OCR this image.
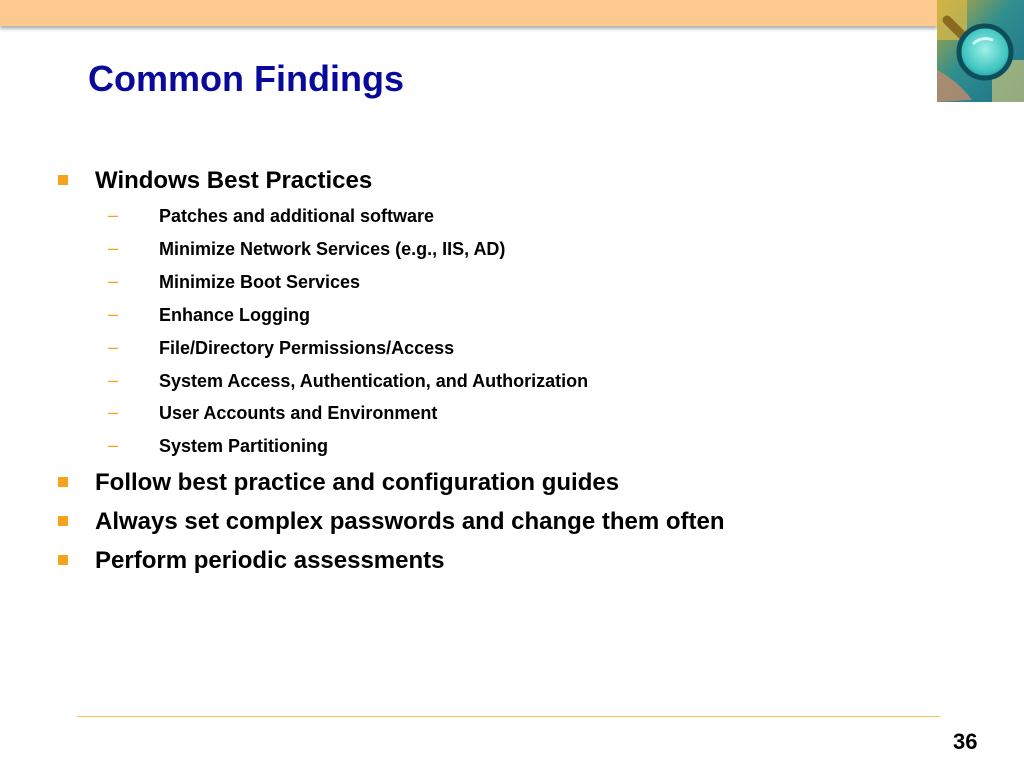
Common Findings
Windows Best Practices
– Patches and additional software
– Minimize Network Services (e.g., IIS, AD)
– Minimize Boot Services
– Enhance Logging
– File/Directory Permissions/Access
– System Access, Authentication, and Authorization
– User Accounts and Environment
– System Partitioning
Follow best practice and configuration guides
Always set complex passwords and change them often
Perform periodic assessments
36
